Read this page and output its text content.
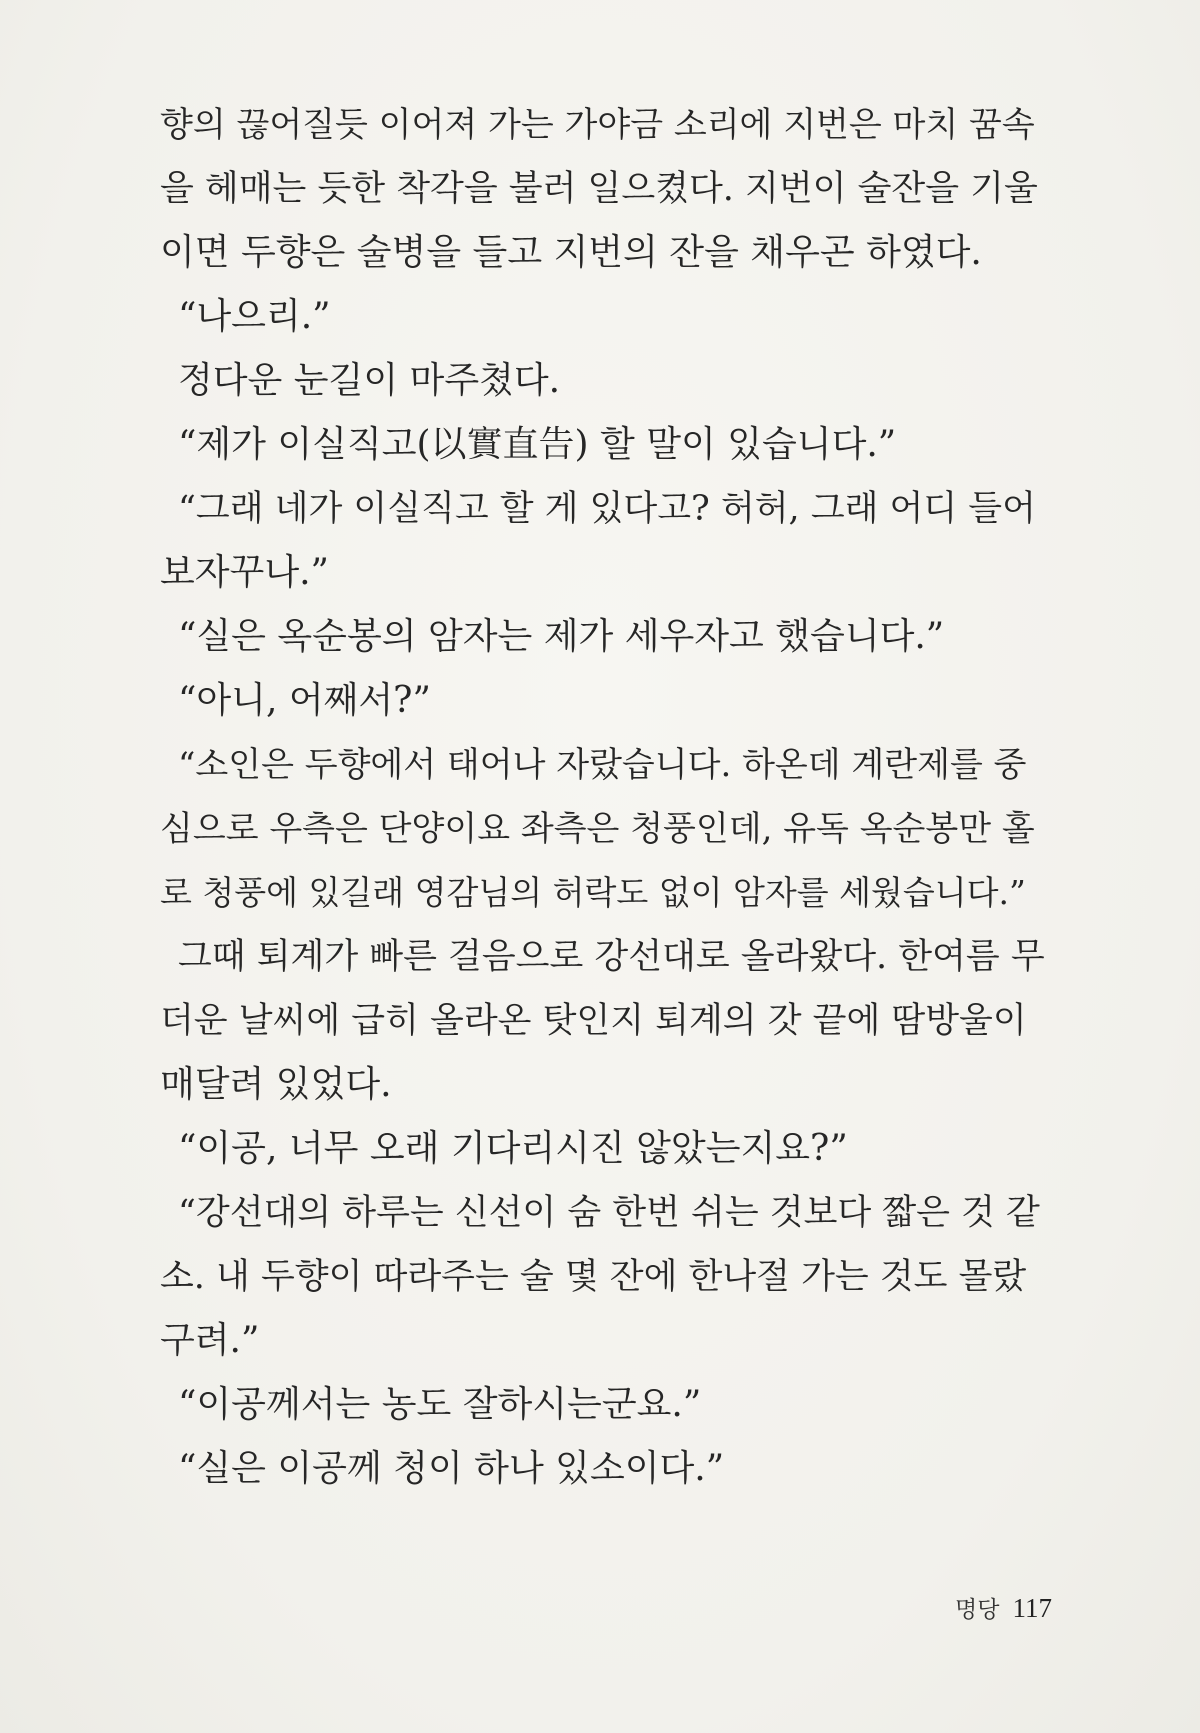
향의 끊어질듯 이어져 가는 가야금 소리에 지번은 마치 꿈속
을 헤매는 듯한 착각을 불러 일으켰다. 지번이 술잔을 기울
이면 두향은 술병을 들고 지번의 잔을 채우곤 하였다.
“나으리.”
정다운 눈길이 마주쳤다.
“제가 이실직고(以實直告) 할 말이 있습니다.”
“그래 네가 이실직고 할 게 있다고? 허허, 그래 어디 들어
보자꾸나.”
“실은 옥순봉의 암자는 제가 세우자고 했습니다.”
“아니, 어째서?”
“소인은 두향에서 태어나 자랐습니다. 하온데 계란제를 중
심으로 우측은 단양이요 좌측은 청풍인데, 유독 옥순봉만 홀
로 청풍에 있길래 영감님의 허락도 없이 암자를 세웠습니다.”
그때 퇴계가 빠른 걸음으로 강선대로 올라왔다. 한여름 무
더운 날씨에 급히 올라온 탓인지 퇴계의 갓 끝에 땀방울이
매달려 있었다.
“이공, 너무 오래 기다리시진 않았는지요?”
“강선대의 하루는 신선이 숨 한번 쉬는 것보다 짧은 것 같
소. 내 두향이 따라주는 술 몇 잔에 한나절 가는 것도 몰랐
구려.”
“이공께서는 농도 잘하시는군요.”
“실은 이공께 청이 하나 있소이다.”
명당 117
